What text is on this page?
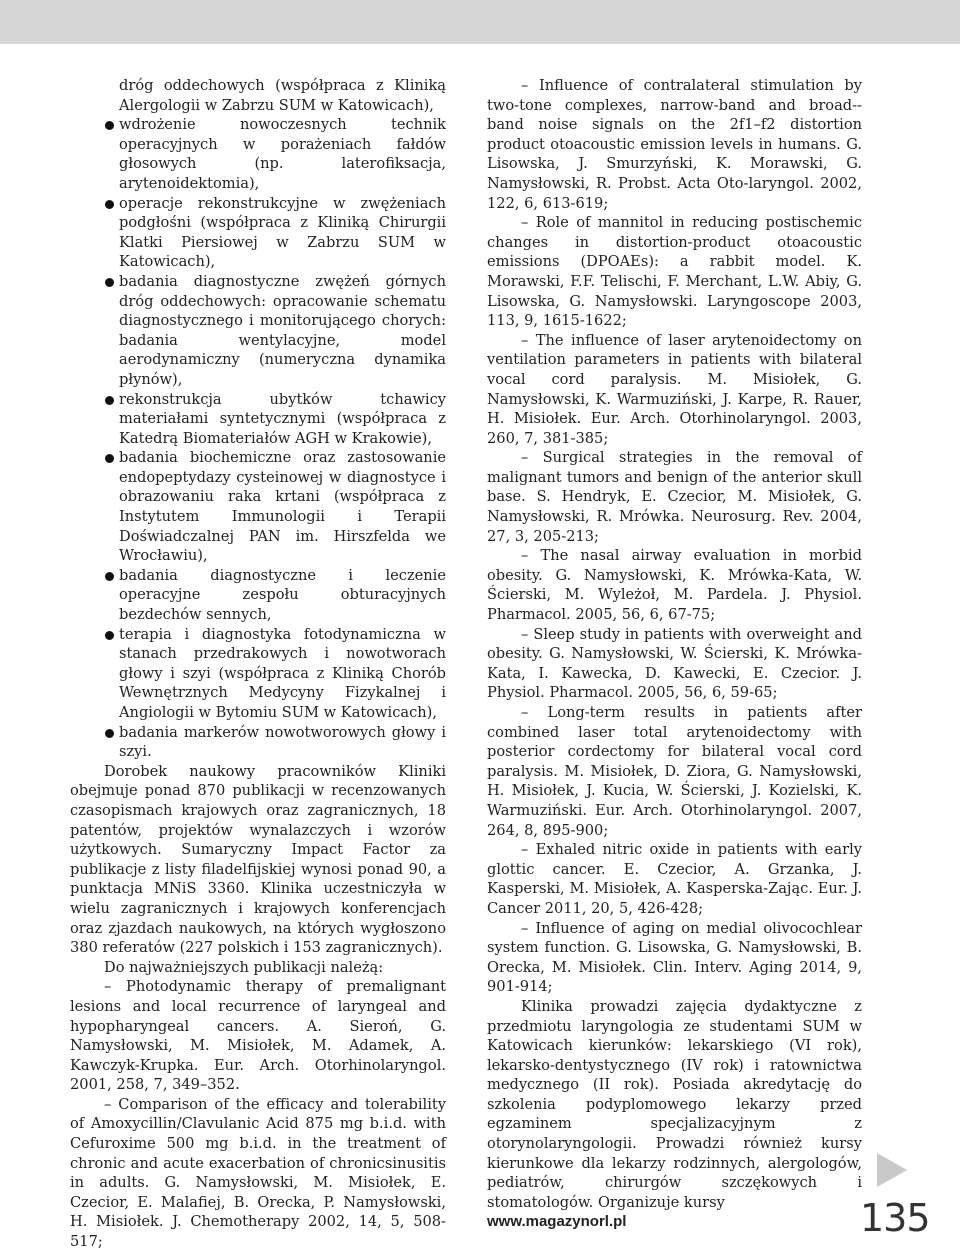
dróg oddechowych (współpraca z Kliniką Alergologii w Zabrzu SUM w Katowicach),

wdrożenie nowoczesnych technik operacyjnych w porażeniach fałdów głosowych (np. laterofiksacja, arytenoidektomia),

operacje rekonstrukcyjne w zwężeniach podgłośni (współpraca z Kliniką Chirurgii Klatki Piersiowej w Zabrzu SUM w Katowicach),

badania diagnostyczne zwężeń górnych dróg oddechowych: opracowanie schematu diagnostycznego i monitorującego chorych: badania wentylacyjne, model aerodynamiczny (numeryczna dynamika płynów),

rekonstrukcja ubytków tchawicy materiałami syntetycznymi (współpraca z Katedrą Biomateriałów AGH w Krakowie),

badania biochemiczne oraz zastosowanie endopeptydazy cysteinowej w diagnostyce i obrazowaniu raka krtani (współpraca z Instytutem Immunologii i Terapii Doświadczalnej PAN im. Hirszfelda we Wrocławiu),

badania diagnostyczne i leczenie operacyjne zespołu obturacyjnych bezdechów sennych,

terapia i diagnostyka fotodynamiczna w stanach przedrakowych i nowotworach głowy i szyi (współpraca z Kliniką Chorób Wewnętrznych Medycyny Fizykalnej i Angiologii w Bytomiu SUM w Katowicach),

badania markerów nowotworowych głowy i szyi.

Dorobek naukowy pracowników Kliniki obejmuje ponad 870 publikacji w recenzowanych czasopismach krajowych oraz zagranicznych, 18 patentów, projektów wynalazczych i wzorów użytkowych. Sumaryczny Impact Factor za publikacje z listy filadelfijskiej wynosi ponad 90, a punktacja MNiS 3360. Klinika uczestniczyła w wielu zagranicznych i krajowych konferencjach oraz zjazdach naukowych, na których wygłoszono 380 referatów (227 polskich i 153 zagranicznych).

Do najważniejszych publikacji należą:

– Photodynamic therapy of premalignant lesions and local recurrence of laryngeal and hypopharyngeal cancers. A. Sieroń, G. Namysłowski, M. Misiołek, M. Adamek, A. Kawczyk-Krupka. Eur. Arch. Otorhinolaryngol. 2001, 258, 7, 349–352.

– Comparison of the efficacy and tolerability of Amoxycillin/Clavulanic Acid 875 mg b.i.d. with Cefuroxime 500 mg b.i.d. in the treatment of chronic and acute exacerbation of chronicsinusitis in adults. G. Namysłowski, M. Misiołek, E. Czecior, E. Malafiej, B. Orecka, P. Namysłowski, H. Misiołek. J. Chemotherapy 2002, 14, 5, 508-517;

– Influence of contralateral stimulation by two-tone complexes, narrow-band and broad--band noise signals on the 2f1–f2 distortion product otoacoustic emission levels in humans. G. Lisowska, J. Smurzyński, K. Morawski, G. Namysłowski, R. Probst. Acta Oto-laryngol. 2002, 122, 6, 613-619;

– Role of mannitol in reducing postischemic changes in distortion-product otoacoustic emissions (DPOAEs): a rabbit model. K. Morawski, F.F. Telischi, F. Merchant, L.W. Abiy, G. Lisowska, G. Namysłowski. Laryngoscope 2003, 113, 9, 1615-1622;

– The influence of laser arytenoidectomy on ventilation parameters in patients with bilateral vocal cord paralysis. M. Misiołek, G. Namysłowski, K. Warmuziński, J. Karpe, R. Rauer, H. Misiołek. Eur. Arch. Otorhinolaryngol. 2003, 260, 7, 381-385;

– Surgical strategies in the removal of malignant tumors and benign of the anterior skull base. S. Hendryk, E. Czecior, M. Misiołek, G. Namysłowski, R. Mrówka. Neurosurg. Rev. 2004, 27, 3, 205-213;

– The nasal airway evaluation in morbid obesity. G. Namysłowski, K. Mrówka-Kata, W. Ścierski, M. Wyleżoł, M. Pardela. J. Physiol. Pharmacol. 2005, 56, 6, 67-75;

– Sleep study in patients with overweight and obesity. G. Namysłowski, W. Ścierski, K. Mrówka-Kata, I. Kawecka, D. Kawecki, E. Czecior. J. Physiol. Pharmacol. 2005, 56, 6, 59-65;

– Long-term results in patients after combined laser total arytenoidectomy with posterior cordectomy for bilateral vocal cord paralysis. M. Misiołek, D. Ziora, G. Namysłowski, H. Misiołek, J. Kucia, W. Ścierski, J. Kozielski, K. Warmuziński. Eur. Arch. Otorhinolaryngol. 2007, 264, 8, 895-900;

– Exhaled nitric oxide in patients with early glottic cancer. E. Czecior, A. Grzanka, J. Kasperski, M. Misiołek, A. Kasperska-Zając. Eur. J. Cancer 2011, 20, 5, 426-428;

– Influence of aging on medial olivocochlear system function. G. Lisowska, G. Namysłowski, B. Orecka, M. Misiołek. Clin. Interv. Aging 2014, 9, 901-914;

Klinika prowadzi zajęcia dydaktyczne z przedmiotu laryngologia ze studentami SUM w Katowicach kierunków: lekarskiego (VI rok), lekarsko-dentystycznego (IV rok) i ratownictwa medycznego (II rok). Posiada akredytację do szkolenia podyplomowego lekarzy przed egzaminem specjalizacyjnym z otorynolaryngologii. Prowadzi również kursy kierunkowe dla lekarzy rodzinnych, alergologów, pediatrów, chirurgów szczękowych i stomatologów. Organizuje kursy

www.magazynorl.pl	135
